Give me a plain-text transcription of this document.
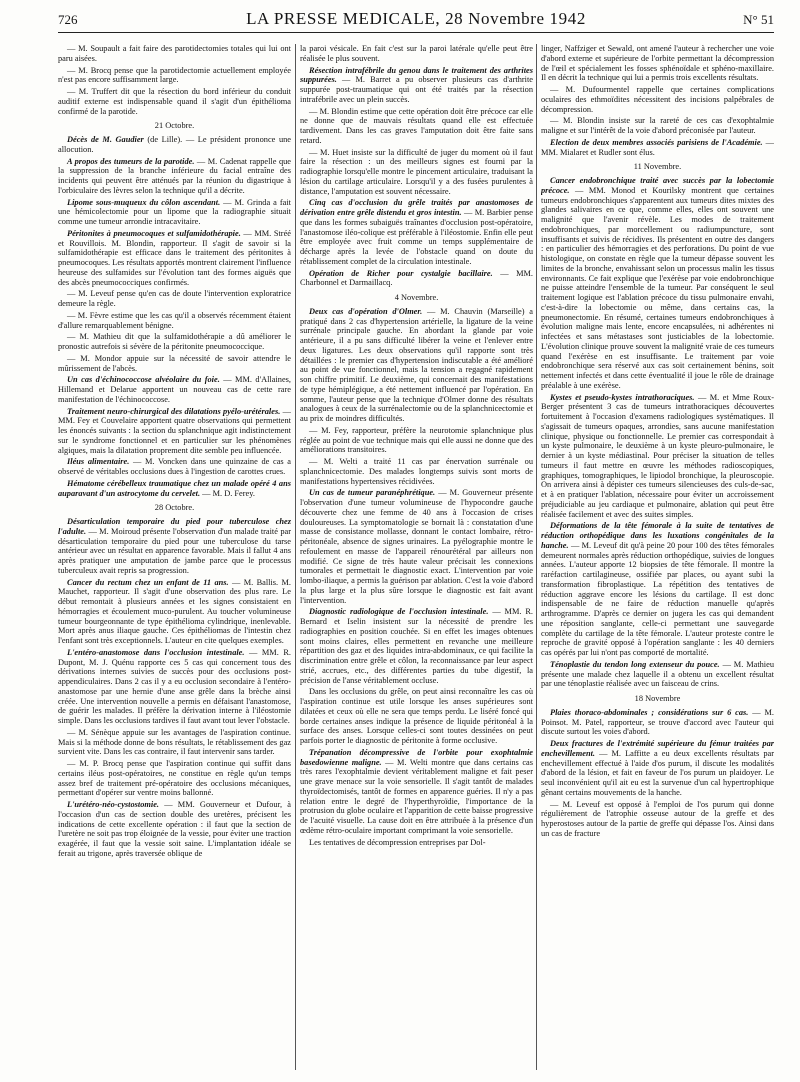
726	LA PRESSE MEDICALE, 28 Novembre 1942	N° 51

— M. Soupault a fait faire des parotidectomies totales qui lui ont paru aisées.

— M. Brocq pense que la parotidectomie actuellement employée n'est pas encore suffisamment large.

— M. Truffert dit que la résection du bord inférieur du conduit auditif externe est indispensable quand il s'agit d'un épithélioma confirmé de la parotide.

21 Octobre.

Décès de M. Gaudier (de Lille). — Le président prononce une allocution.

A propos des tumeurs de la parotide. — M. Cadenat rappelle que la suppression de la branche inférieure du facial entraîne des incidents qui peuvent être atténués par la réunion du digastrique à l'orbiculaire des lèvres selon la technique qu'il a décrite.

Lipome sous-muqueux du côlon ascendant. — M. Grinda a fait une hémicolectomie pour un lipome que la radiographie situait comme une tumeur arrondie intracavitaire.

Péritonites à pneumocoques et sulfamidothérapie. — MM. Stréé et Rouvillois. M. Blondin, rapporteur. Il s'agit de savoir si la sulfamidothérapie est efficace dans le traitement des péritonites à pneumocoques. Les résultats apportés montrent clairement l'influence heureuse des sulfamides sur l'évolution tant des formes aiguës que des abcès pneumococciques confirmés.

— M. Leveuf pense qu'en cas de doute l'intervention exploratrice demeure la règle.

— M. Fèvre estime que les cas qu'il a observés récemment étaient d'allure remarquablement bénigne.

— M. Mathieu dit que la sulfamidothérapie a dû améliorer le pronostic autrefois si sévère de la péritonite pneumococcique.

— M. Mondor appuie sur la nécessité de savoir attendre le mûrissement de l'abcès.

Un cas d'échinococcose alvéolaire du foie. — MM. d'Allaines, Hillemand et Delarue apportent un nouveau cas de cette rare manifestation de l'échinococcose.

Traitement neuro-chirurgical des dilatations pyélo-urétérales. — MM. Fey et Couvelaire apportent quatre observations qui permettent les énoncés suivants : la section du splanchnique agit indistinctement sur le syndrome fonctionnel et en particulier sur les phénomènes algiques, mais la dilatation proprement dite semble peu influencée.

Iléus alimentaire. — M. Voncken dans une quinzaine de cas a observé de véritables occlusions dues à l'ingestion de carottes crues.

Hématome cérébelleux traumatique chez un malade opéré 4 ans auparavant d'un astrocytome du cervelet. — M. D. Ferey.

28 Octobre.

Désarticulation temporaire du pied pour tuberculose chez l'adulte. — M. Moiroud présente l'observation d'un malade traité par désarticulation temporaire du pied pour une tuberculose du tarse antérieur avec un résultat en apparence favorable. Mais il fallut 4 ans après pratiquer une amputation de jambe parce que le processus tuberculeux avait repris sa progression.

Cancer du rectum chez un enfant de 11 ans. — M. Ballis. M. Mauchet, rapporteur. Il s'agit d'une observation des plus rare. Le début remontait à plusieurs années et les signes consistaient en hémorragies et écoulement muco-purulent. Au toucher volumineuse tumeur bourgeonnante de type épithélioma cylindrique, inenlevable. Mort après anus iliaque gauche. Ces épithéliomas de l'intestin chez l'enfant sont très exceptionnels. L'auteur en cite quelques exemples.

L'entéro-anastomose dans l'occlusion intestinale. — MM. R. Dupont, M. J. Quénu rapporte ces 5 cas qui concernent tous des dérivations internes suivies de succès pour des occlusions post-appendiculaires. Dans 2 cas il y a eu occlusion secondaire à l'entéro-anastomose par une hernie d'une anse grêle dans la brèche ainsi créée. Une intervention nouvelle a permis en défaisant l'anastomose, de guérir les malades. Il préfère la dérivation interne à l'iléostomie simple. Dans les occlusions tardives il faut avant tout lever l'obstacle.

— M. Sénèque appuie sur les avantages de l'aspiration continue. Mais si la méthode donne de bons résultats, le rétablissement des gaz survient vite. Dans les cas contraire, il faut intervenir sans tarder.

— M. P. Brocq pense que l'aspiration continue qui suffit dans certains iléus post-opératoires, ne constitue en règle qu'un temps assez bref de traitement pré-opératoire des occlusions mécaniques, permettant d'opérer sur ventre moins ballonné.

L'urétéro-néo-cystostomie. — MM. Gouverneur et Dufour, à l'occasion d'un cas de section double des uretères, précisent les indications de cette excellente opération : il faut que la section de l'uretère ne soit pas trop éloignée de la vessie, pour éviter une traction exagérée, il faut que la vessie soit saine. L'implantation idéale se ferait au trigone, après traversée oblique de

la paroi vésicale. En fait c'est sur la paroi latérale qu'elle peut être réalisée le plus souvent.

Résection intrafébrile du genou dans le traitement des arthrites suppurées. — M. Barret a pu observer plusieurs cas d'arthrite suppurée post-traumatique qui ont été traités par la résection intrafébrile avec un plein succès.

— M. Blondin estime que cette opération doit être précoce car elle ne donne que de mauvais résultats quand elle est effectuée tardivement. Dans les cas graves l'amputation doit être faite sans retard.

— M. Huet insiste sur la difficulté de juger du moment où il faut faire la résection : un des meilleurs signes est fourni par la radiographie lorsqu'elle montre le pincement articulaire, traduisant la lésion du cartilage articulaire. Lorsqu'il y a des fusées purulentes à distance, l'amputation est souvent nécessaire.

Cinq cas d'occlusion du grêle traités par anastomoses de dérivation entre grêle distendu et gros intestin. — M. Barbier pense que dans les formes subaiguës traînantes d'occlusion post-opératoire, l'anastomose iléo-colique est préférable à l'iléostomie. Enfin elle peut être employée avec fruit comme un temps supplémentaire de décharge après la levée de l'obstacle quand on doute du rétablissement complet de la circulation intestinale.

Opération de Richer pour cystalgie bacillaire. — MM. Charbonnel et Darmaillacq.

4 Novembre.

Deux cas d'opération d'Olmer. — M. Chauvin (Marseille) a pratiqué dans 2 cas d'hypertension artérielle, la ligature de la veine surrénale principale gauche. En abordant la glande par voie antérieure, il a pu sans difficulté libérer la veine et l'enlever entre deux ligatures. Les deux observations qu'il rapporte sont très détaillées : le premier cas d'hypertension indiscutable a été amélioré au point de vue fonctionnel, mais la tension a regagné rapidement son chiffre primitif. Le deuxième, qui concernait des manifestations de type hémiplégique, a été nettement influencé par l'opération. En somme, l'auteur pense que la technique d'Olmer donne des résultats analogues à ceux de la surrénalectomie ou de la splanchnicectomie et au prix de moindres difficultés.

— M. Fey, rapporteur, préfère la neurotomie splanchnique plus réglée au point de vue technique mais qui elle aussi ne donne que des améliorations transitoires.

— M. Welti a traité 11 cas par énervation surrénale ou splanchnicectomie. Des malades longtemps suivis sont morts de manifestations hypertensives récidivées.

Un cas de tumeur paranéphrétique. — M. Gouverneur présente l'observation d'une tumeur volumineuse de l'hypocondre gauche découverte chez une femme de 40 ans à l'occasion de crises douloureuses. La symptomatologie se bornait là : constatation d'une masse de consistance mollasse, donnant le contact lombaire, rétro-péritonéale, absence de signes urinaires. La pyélographie montre le refoulement en masse de l'appareil rénourétéral par ailleurs non modifié. Ce signe de très haute valeur précisait les connexions tumorales et permettait le diagnostic exact. L'intervention par voie lombo-iliaque, a permis la guérison par ablation. C'est la voie d'abord la plus large et la plus sûre lorsque le diagnostic est fait avant l'intervention.

Diagnostic radiologique de l'occlusion intestinale. — MM. R. Bernard et Iselin insistent sur la nécessité de prendre les radiographies en position couchée. Si en effet les images obtenues sont moins claires, elles permettent en revanche une meilleure répartition des gaz et des liquides intra-abdominaux, ce qui facilite la discrimination entre grêle et côlon, la reconnaissance par leur aspect strié, accrues, etc., des différentes parties du tube digestif, la précision de l'anse véritablement occluse.

Dans les occlusions du grêle, on peut ainsi reconnaître les cas où l'aspiration continue est utile lorsque les anses supérieures sont dilatées et ceux où elle ne sera que temps perdu. Le liséré foncé qui borde certaines anses indique la présence de liquide péritonéal à la surface des anses. Lorsque celles-ci sont toutes dessinées on peut parfois porter le diagnostic de péritonite à forme occlusive.

Trépanation décompressive de l'orbite pour exophtalmie basedowienne maligne. — M. Welti montre que dans certains cas très rares l'exophtalmie devient véritablement maligne et fait peser une grave menace sur la voie sensorielle. Il s'agit tantôt de malades thyroïdectomisés, tantôt de formes en apparence guéries. Il n'y a pas relation entre le degré de l'hyperthyroïdie, l'importance de la protrusion du globe oculaire et l'apparition de cette baisse progressive de l'acuité visuelle. La cause doit en être attribuée à la présence d'un œdème rétro-oculaire important comprimant la voie sensorielle.

Les tentatives de décompression entreprises par Dol-

linger, Naffziger et Sewald, ont amené l'auteur à rechercher une voie d'abord externe et supérieure de l'orbite permettant la décompression de l'œil et spécialement les fosses sphénoïdale et sphéno-maxillaire. Il en décrit la technique qui lui a permis trois excellents résultats.

— M. Dufourmentel rappelle que certaines complications oculaires des ethmoïdites nécessitent des incisions palpébrales de décompression.

— M. Blondin insiste sur la rareté de ces cas d'exophtalmie maligne et sur l'intérêt de la voie d'abord préconisée par l'auteur.

Election de deux membres associés parisiens de l'Académie. — MM. Mialaret et Rudler sont élus.

11 Novembre.

Cancer endobronchique traité avec succès par la lobectomie précoce. — MM. Monod et Kourilsky montrent que certaines tumeurs endobronchiques s'apparentent aux tumeurs dites mixtes des glandes salivaires en ce que, comme elles, elles ont souvent une malignité que l'avenir révèle. Les modes de traitement endobronchiques, par morcellement ou radiumpuncture, sont insuffisants et suivis de récidives. Ils présentent en outre des dangers : en particulier des hémorragies et des perforations. Du point de vue histologique, on constate en règle que la tumeur dépasse souvent les limites de la bronche, envahissant selon un processus malin les tissus environnants. Ce fait explique que l'exérèse par voie endobronchique ne puisse atteindre l'ensemble de la tumeur. Par conséquent le seul traitement logique est l'ablation précoce du tissu pulmonaire envahi, c'est-à-dire la lobectomie ou même, dans certains cas, la pneumonectomie. En résumé, certaines tumeurs endobronchiques à évolution maligne mais lente, encore encapsulées, ni adhérentes ni infectées et sans métastases sont justiciables de la lobectomie. L'évolution clinique prouve souvent la malignité vraie de ces tumeurs quand l'exérèse en est insuffisante. Le traitement par voie endobronchique sera réservé aux cas soit certainement bénins, soit nettement infectés et dans cette éventualité il joue le rôle de drainage préalable à une exérèse.

Kystes et pseudo-kystes intrathoraciques. — M. et Mme Roux-Berger présentent 3 cas de tumeurs intrathoraciques découvertes fortuitement à l'occasion d'examens radiologiques systématiques. Il s'agissait de tumeurs opaques, arrondies, sans aucune manifestation clinique, physique ou fonctionnelle. Le premier cas correspondait à un kyste pulmonaire, le deuxième à un kyste pleuro-pulmonaire, le dernier à un kyste médiastinal. Pour préciser la situation de telles tumeurs il faut mettre en œuvre les méthodes radioscopiques, graphiques, tomographiques, le lipiodol bronchique, la pleuroscopie. On arrivera ainsi à dépister ces tumeurs silencieuses des culs-de-sac, et à en pratiquer l'ablation, nécessaire pour éviter un accroissement préjudiciable au jeu cardiaque et pulmonaire, ablation qui peut être réalisée facilement et avec des suites simples.

Déformations de la tête fémorale à la suite de tentatives de réduction orthopédique dans les luxations congénitales de la hanche. — M. Leveuf dit qu'à peine 20 pour 100 des têtes fémorales demeurent normales après réduction orthopédique, suivies de longues années. L'auteur apporte 12 biopsies de tête fémorale. Il montre la raréfaction cartilagineuse, ossifiée par places, ou ayant subi la transformation fibroplastique. La répétition des tentatives de réduction aggrave encore les lésions du cartilage. Il est donc indispensable de ne faire de réduction manuelle qu'après arthrogramme. D'après ce dernier on jugera les cas qui demandent une réposition sanglante, celle-ci permettant une sauvegarde complète du cartilage de la tête fémorale. L'auteur proteste contre le reproche de gravité opposé à l'opération sanglante : les 40 derniers cas opérés par lui n'ont pas comporté de mortalité.

Ténoplastie du tendon long extenseur du pouce. — M. Mathieu présente une malade chez laquelle il a obtenu un excellent résultat par une ténoplastie réalisée avec un faisceau de crins.

18 Novembre

Plaies thoraco-abdominales ; considérations sur 6 cas. — M. Poinsot. M. Patel, rapporteur, se trouve d'accord avec l'auteur qui discute surtout les voies d'abord.

Deux fractures de l'extrémité supérieure du fémur traitées par enchevillement. — M. Laffitte a eu deux excellents résultats par enchevillement effectué à l'aide d'os purum, il discute les modalités d'abord de la lésion, et fait en faveur de l'os purum un plaidoyer. Le seul inconvénient qu'il ait eu est la survenue d'un cal hypertrophique gênant certains mouvements de la hanche.

— M. Leveuf est opposé à l'emploi de l'os purum qui donne régulièrement de l'atrophie osseuse autour de la greffe et des hyperostoses autour de la partie de greffe qui dépasse l'os. Ainsi dans un cas de fracture
